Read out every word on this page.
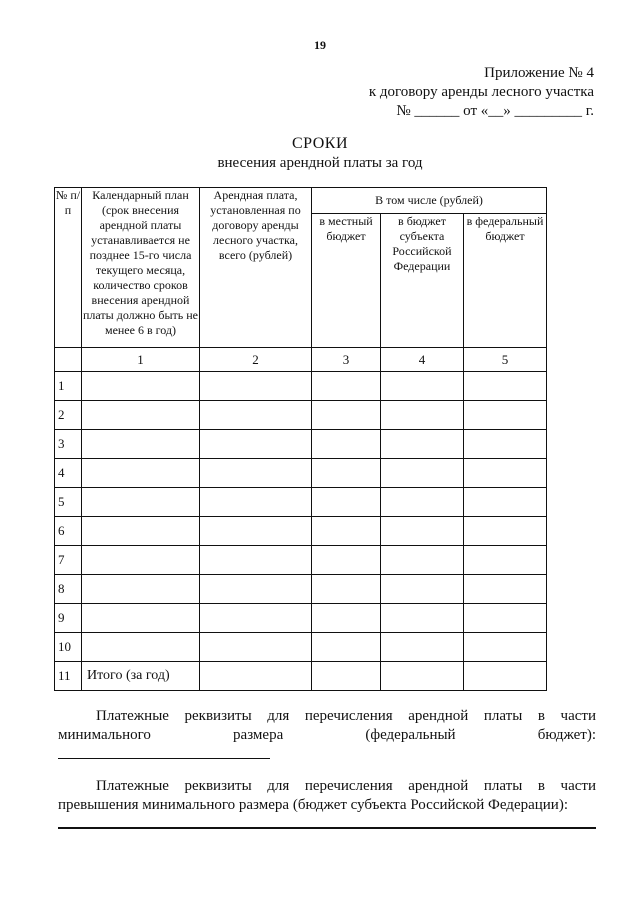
19
Приложение № 4
к договору аренды лесного участка
№ ______ от «__» _________ г.
СРОКИ
внесения арендной платы за год
№ п/п	Календарный план (срок внесения арендной платы устанавливается не позднее 15-го числа текущего месяца, количество сроков внесения арендной платы должно быть не менее 6 в год)	Арендная плата, установленная по договору аренды лесного участка, всего (рублей)	В том числе (рублей)		
			в местный бюджет	в бюджет субъекта Российской Федерации	в федеральный бюджет
	1	2	3	4	5
1					
2					
3					
4					
5					
6					
7					
8					
9					
10					
11	Итого (за год)				
Платежные реквизиты для перечисления арендной платы в части
минимального размера (федеральный бюджет):
Платежные реквизиты для перечисления арендной платы в части
превышения минимального размера (бюджет субъекта Российской Федерации):
